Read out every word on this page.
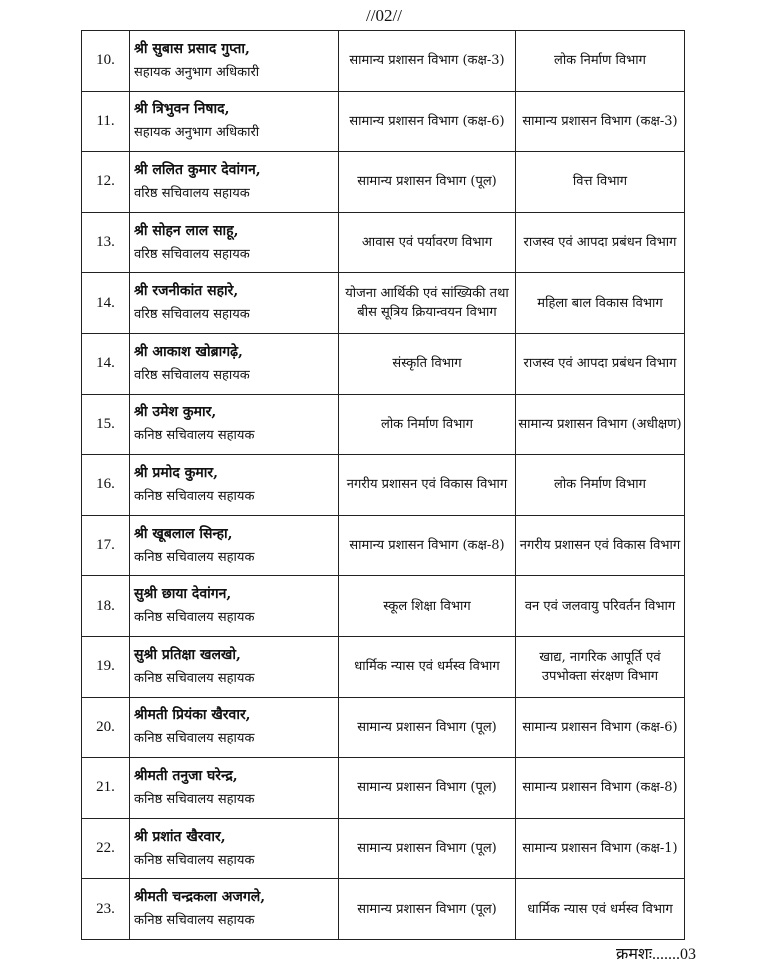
//02//
10.	श्री सुबास प्रसाद गुप्ता,
सहायक अनुभाग अधिकारी	सामान्य प्रशासन विभाग (कक्ष-3)	लोक निर्माण विभाग
11.	श्री त्रिभुवन निषाद,
सहायक अनुभाग अधिकारी	सामान्य प्रशासन विभाग (कक्ष-6)	सामान्य प्रशासन विभाग (कक्ष-3)
12.	श्री ललित कुमार देवांगन,
वरिष्ठ सचिवालय सहायक	सामान्य प्रशासन विभाग (पूल)	वित्त विभाग
13.	श्री सोहन लाल साहू,
वरिष्ठ सचिवालय सहायक	आवास एवं पर्यावरण विभाग	राजस्व एवं आपदा प्रबंधन विभाग
14.	श्री रजनीकांत सहारे,
वरिष्ठ सचिवालय सहायक	योजना आर्थिकी एवं सांख्यिकी तथा बीस सूत्रिय क्रियान्वयन विभाग	महिला बाल विकास विभाग
14.	श्री आकाश खोब्रागढ़े,
वरिष्ठ सचिवालय सहायक	संस्कृति विभाग	राजस्व एवं आपदा प्रबंधन विभाग
15.	श्री उमेश कुमार,
कनिष्ठ सचिवालय सहायक	लोक निर्माण विभाग	सामान्य प्रशासन विभाग (अधीक्षण)
16.	श्री प्रमोद कुमार,
कनिष्ठ सचिवालय सहायक	नगरीय प्रशासन एवं विकास विभाग	लोक निर्माण विभाग
17.	श्री खूबलाल सिन्हा,
कनिष्ठ सचिवालय सहायक	सामान्य प्रशासन विभाग (कक्ष-8)	नगरीय प्रशासन एवं विकास विभाग
18.	सुश्री छाया देवांगन,
कनिष्ठ सचिवालय सहायक	स्कूल शिक्षा विभाग	वन एवं जलवायु परिवर्तन विभाग
19.	सुश्री प्रतिक्षा खलखो,
कनिष्ठ सचिवालय सहायक	धार्मिक न्यास एवं धर्मस्व विभाग	खाद्य, नागरिक आपूर्ति एवं उपभोक्ता संरक्षण विभाग
20.	श्रीमती प्रियंका खैरवार,
कनिष्ठ सचिवालय सहायक	सामान्य प्रशासन विभाग (पूल)	सामान्य प्रशासन विभाग (कक्ष-6)
21.	श्रीमती तनुजा घरेन्द्र,
कनिष्ठ सचिवालय सहायक	सामान्य प्रशासन विभाग (पूल)	सामान्य प्रशासन विभाग (कक्ष-8)
22.	श्री प्रशांत खैरवार,
कनिष्ठ सचिवालय सहायक	सामान्य प्रशासन विभाग (पूल)	सामान्य प्रशासन विभाग (कक्ष-1)
23.	श्रीमती चन्द्रकला अजगले,
कनिष्ठ सचिवालय सहायक	सामान्य प्रशासन विभाग (पूल)	धार्मिक न्यास एवं धर्मस्व विभाग
क्रमशः.......03
